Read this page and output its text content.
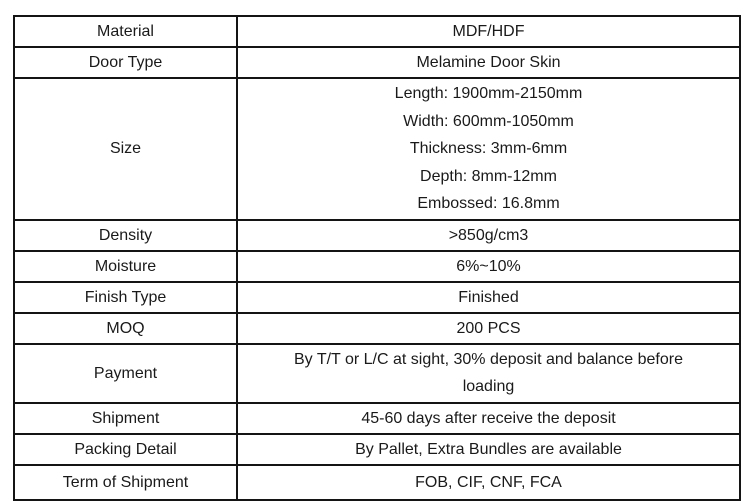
Material	MDF/HDF
Door Type	Melamine Door Skin
Size	Length: 1900mm-2150mm
Width: 600mm-1050mm
Thickness: 3mm-6mm
Depth: 8mm-12mm
Embossed: 16.8mm

Density	>850g/cm3
Moisture	6%~10%
Finish Type	Finished
MOQ	200 PCS
Payment	By T/T or L/C at sight, 30% deposit and balance before
loading

Shipment	45-60 days after receive the deposit
Packing Detail	By Pallet, Extra Bundles are available
Term of Shipment	FOB, CIF, CNF, FCA
